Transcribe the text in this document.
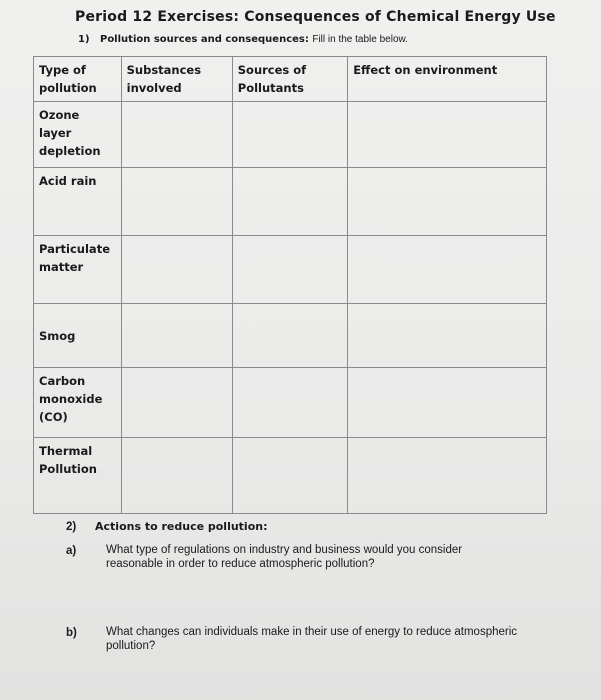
Period 12 Exercises: Consequences of Chemical Energy Use
1) Pollution sources and consequences: Fill in the table below.
Type of pollution	Substances involved	Sources of Pollutants	Effect on environment
Ozone layer depletion			
Acid rain			
Particulate matter			
Smog			
Carbon monoxide (CO)			
Thermal Pollution			
2) Actions to reduce pollution:
a)	What type of regulations on industry and business would you consider reasonable in order to reduce atmospheric pollution?
b)	What changes can individuals make in their use of energy to reduce atmospheric pollution?
